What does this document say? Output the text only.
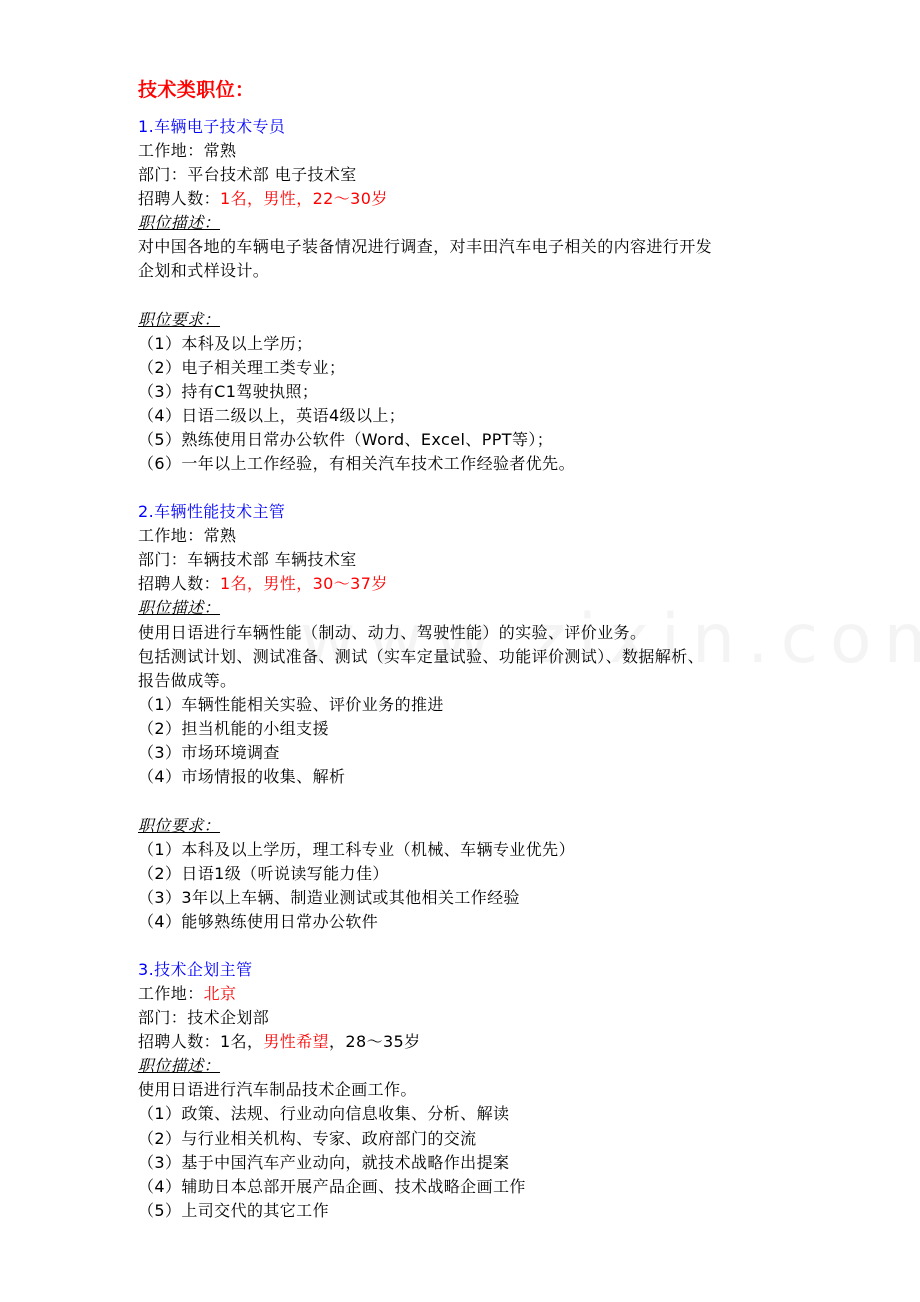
技术类职位：
1.车辆电子技术专员
工作地：常熟
部门：平台技术部 电子技术室
招聘人数：1名，男性，22～30岁
职位描述：
对中国各地的车辆电子装备情况进行调查，对丰田汽车电子相关的内容进行开发
企划和式样设计。
职位要求：
（1）本科及以上学历；
（2）电子相关理工类专业；
（3）持有C1驾驶执照；
（4）日语二级以上，英语4级以上；
（5）熟练使用日常办公软件（Word、Excel、PPT等）；
（6）一年以上工作经验，有相关汽车技术工作经验者优先。
2.车辆性能技术主管
工作地：常熟
部门：车辆技术部 车辆技术室
招聘人数：1名，男性，30～37岁
职位描述：
使用日语进行车辆性能（制动、动力、驾驶性能）的实验、评价业务。
包括测试计划、测试准备、测试（实车定量试验、功能评价测试）、数据解析、
报告做成等。
（1）车辆性能相关实验、评价业务的推进
（2）担当机能的小组支援
（3）市场环境调查
（4）市场情报的收集、解析
职位要求：
（1）本科及以上学历，理工科专业（机械、车辆专业优先）
（2）日语1级（听说读写能力佳）
（3）3年以上车辆、制造业测试或其他相关工作经验
（4）能够熟练使用日常办公软件
3.技术企划主管
工作地：北京
部门：技术企划部
招聘人数：1名，男性希望，28～35岁
职位描述：
使用日语进行汽车制品技术企画工作。
（1）政策、法规、行业动向信息收集、分析、解读
（2）与行业相关机构、专家、政府部门的交流
（3）基于中国汽车产业动向，就技术战略作出提案
（4）辅助日本总部开展产品企画、技术战略企画工作
（5）上司交代的其它工作
